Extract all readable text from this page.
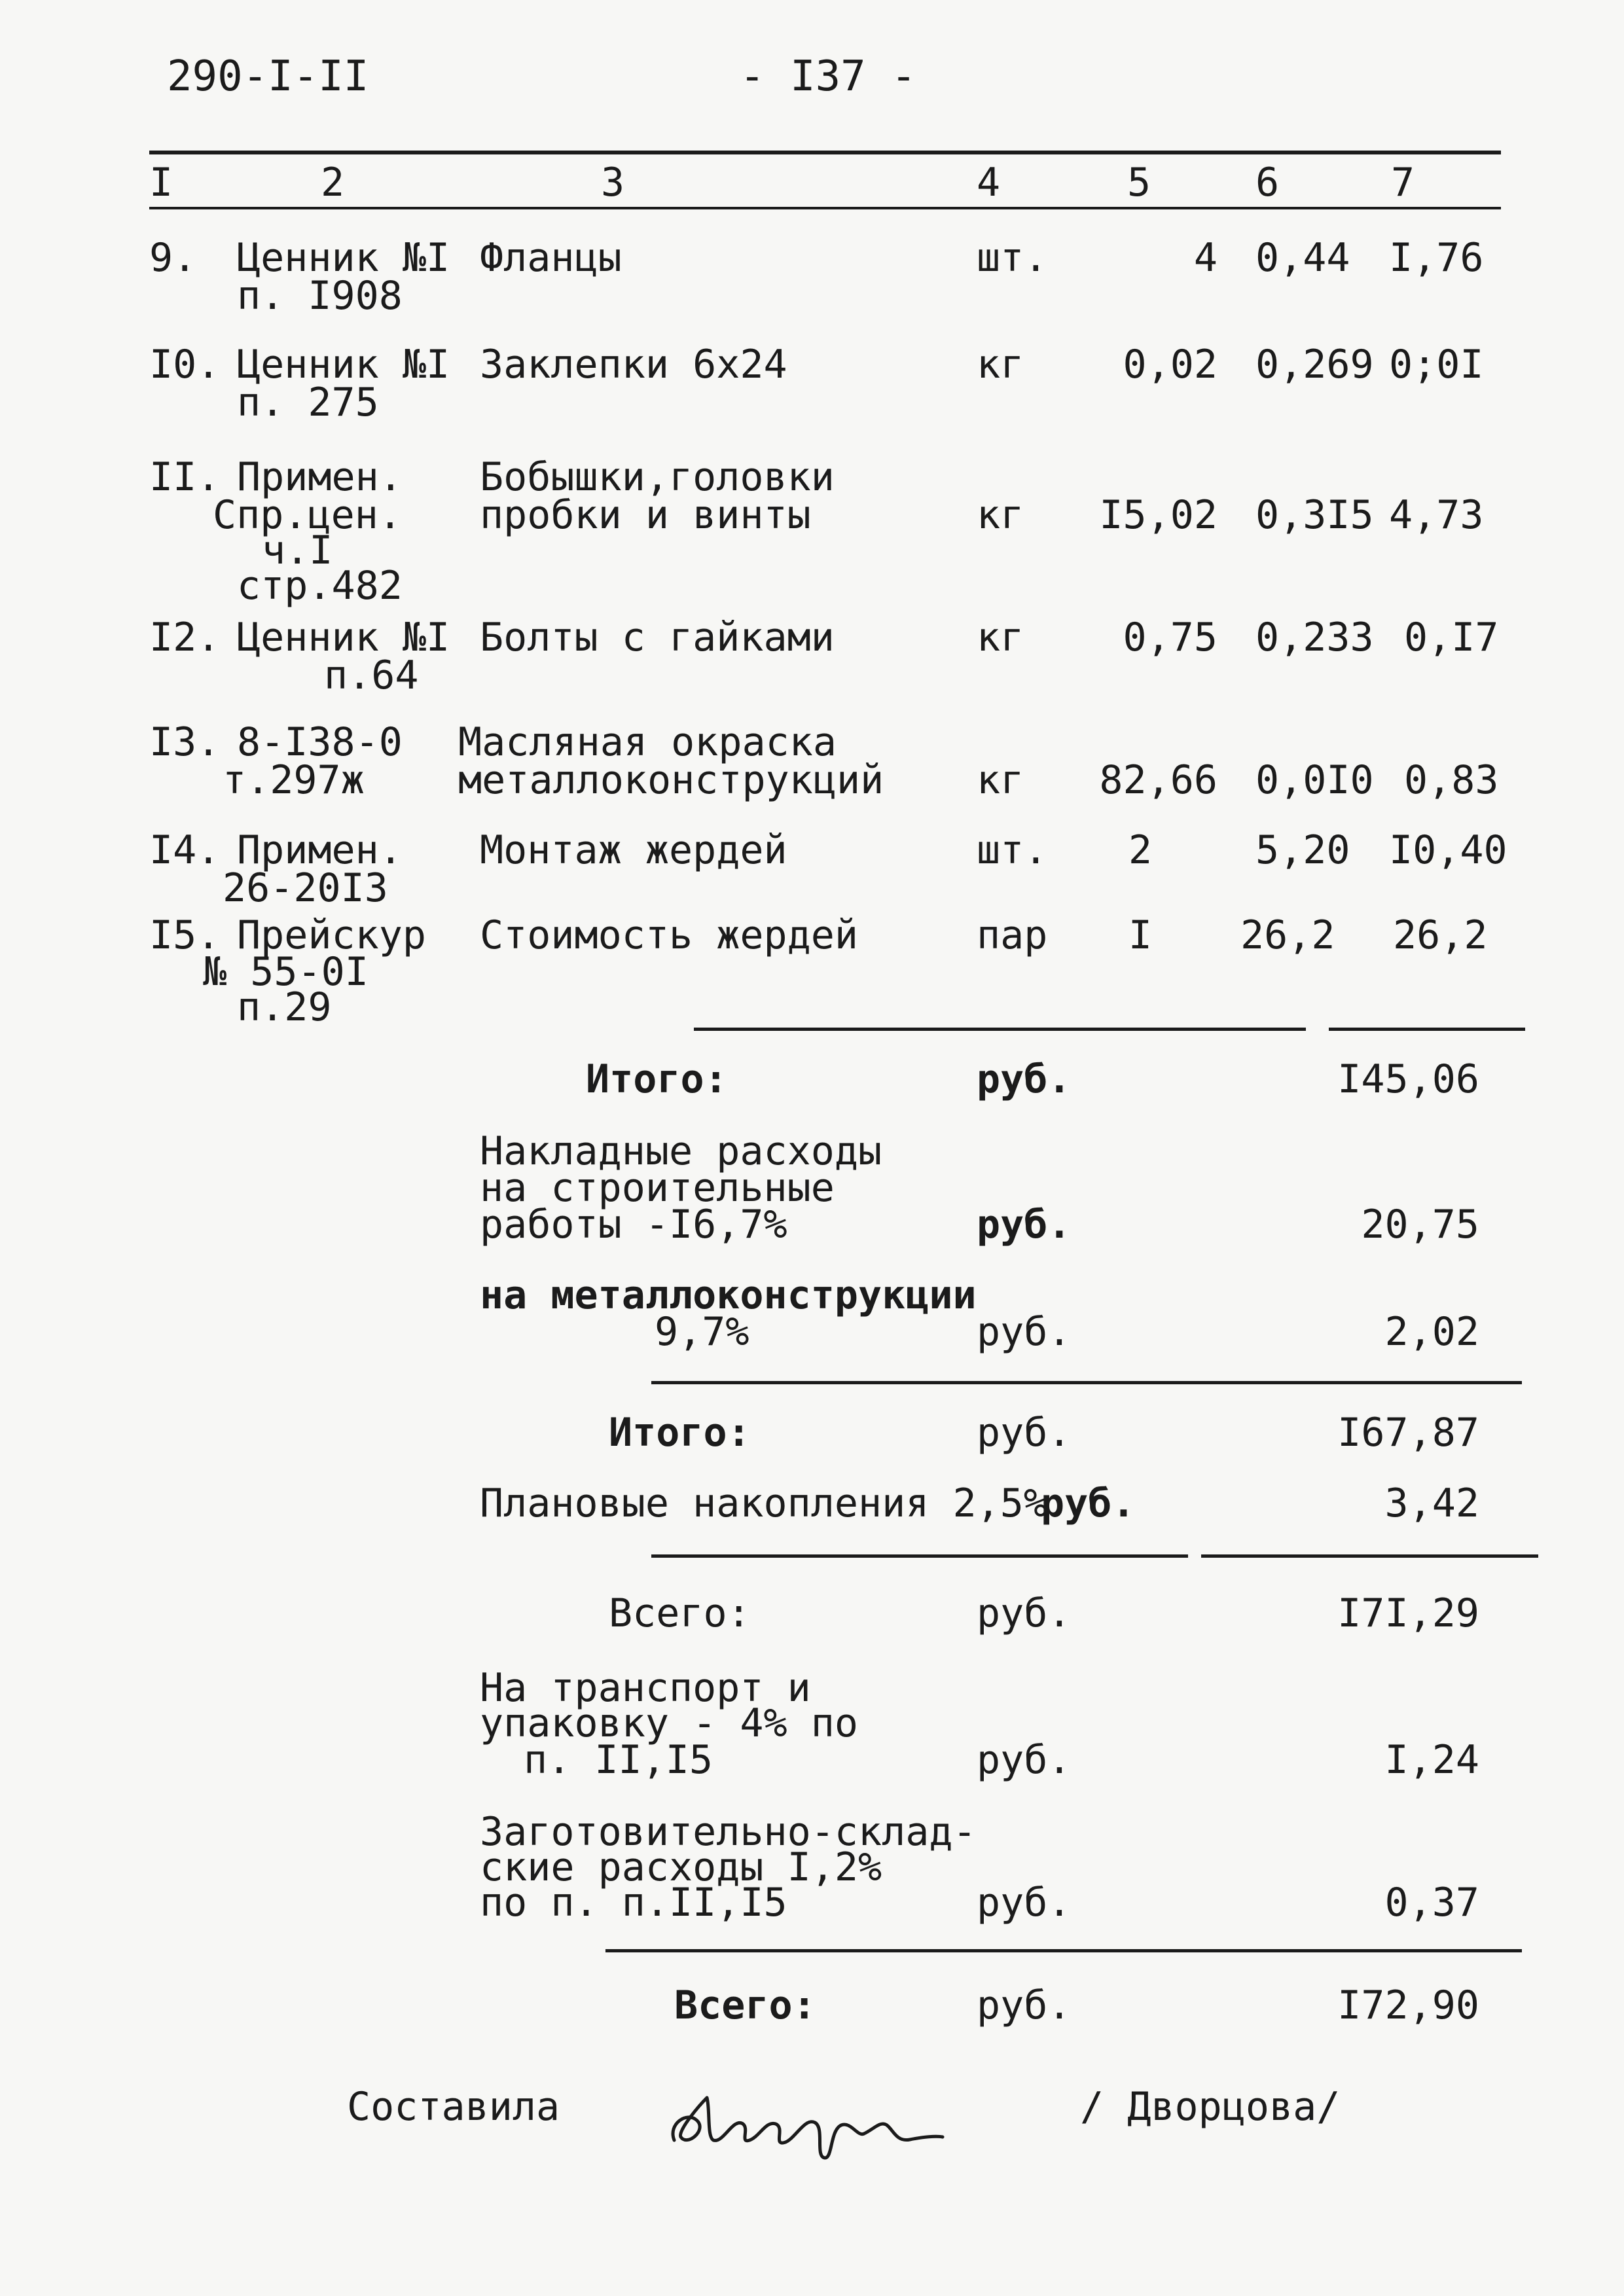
290-I-II	- I37 -
I	2	3	4	5	6	7
9. Ценник №I
п. I908
Фланцы	шт.	4 0,44 I,76
I0. Ценник №I
п. 275
Заклепки 6х24	кг	0,02 0,269 0;0I
II. Примен.
Спр.цен.
ч.I
стр.482
Бобышки,головки
пробки и винты	кг	I5,02 0,3I5 4,73
I2. Ценник №I
п.64
Болты с гайками	кг	0,75 0,233 0,I7
I3. 8-I38-0
т.297ж
Масляная окраска
металлоконструкций кг	82,66 0,0I0 0,83
I4. Примен.
26-20I3
Монтаж жердей	шт.	2	5,20 I0,40
I5. Прейскур
№ 55-0I
п.29
Стоимость жердей	пар	I 26,2 26,2
Итого:	руб.	I45,06
Накладные расходы
на строительные
работы -I6,7%	руб.	20,75
на металлоконструкции
9,7%	руб.	2,02
Итого:	руб.	I67,87
Плановые накопления 2,5%
руб.	3,42
Всего:	руб.	I7I,29
На транспорт и
упаковку - 4% по
п. II,I5	руб.	I,24
Заготовительно-склад-
ские расходы I,2%
по п. п.II,I5	руб.	0,37
Всего:	руб.	I72,90
Составила	/ Дворцова/
